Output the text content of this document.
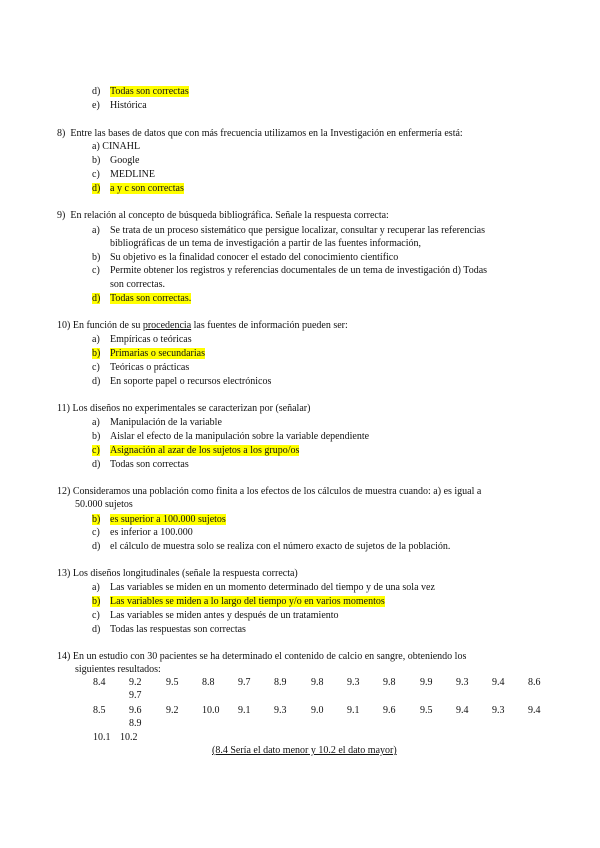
d) Todas son correctas
e) Histórica
8) Entre las bases de datos que con más frecuencia utilizamos en la Investigación en enfermería está:
a) CINAHL
b) Google
c) MEDLINE
d) a y c son correctas
9) En relación al concepto de búsqueda bibliográfica. Señale la respuesta correcta:
a) Se trata de un proceso sistemático que persigue localizar, consultar y recuperar las referencias
bibliográficas de un tema de investigación a partir de las fuentes información,
b) Su objetivo es la finalidad conocer el estado del conocimiento científico
c) Permite obtener los registros y referencias documentales de un tema de investigación d) Todas
son correctas.
d) Todas son correctas.
10) En función de su procedencia las fuentes de información pueden ser:
a) Empíricas o teóricas
b) Primarias o secundarias
c) Teóricas o prácticas
d) En soporte papel o recursos electrónicos
11) Los diseños no experimentales se caracterizan por (señalar)
a) Manipulación de la variable
b) Aislar el efecto de la manipulación sobre la variable dependiente
c) Asignación al azar de los sujetos a los grupo/os
d) Todas son correctas
12) Consideramos una población como finita a los efectos de los cálculos de muestra cuando: a) es igual a
50.000 sujetos
b) es superior a 100.000 sujetos
c) es inferior a 100.000
d) el cálculo de muestra solo se realiza con el número exacto de sujetos de la población.
13) Los diseños longitudinales (señale la respuesta correcta)
a) Las variables se miden en un momento determinado del tiempo y de una sola vez
b) Las variables se miden a lo largo del tiempo y/o en varios momentos
c) Las variables se miden antes y después de un tratamiento
d) Todas las respuestas son correctas
14) En un estudio con 30 pacientes se ha determinado el contenido de calcio en sangre, obteniendo los
siguientes resultados:
8.4	9.2	9.5	8.8	9.7	8.9	9.8	9.3	9.8	9.9	9.3	9.4	8.6
9.7
8.5	9.6	9.2	10.0	9.1	9.3	9.0	9.1	9.6	9.5	9.4	9.3	9.4
8.9
10.1 10.2
(8.4 Sería el dato menor y 10.2 el dato mayor)
